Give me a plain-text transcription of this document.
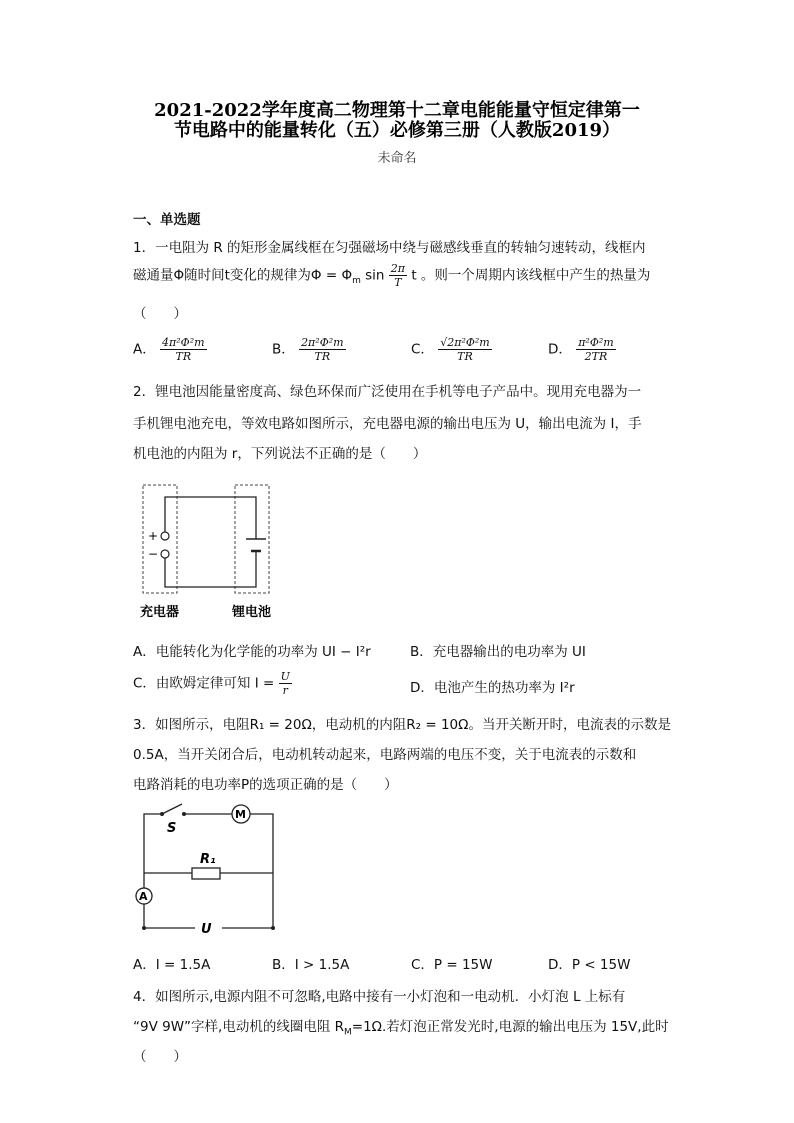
2021-2022学年度高二物理第十二章电能能量守恒定律第一
节电路中的能量转化（五）必修第三册（人教版2019）
未命名
一、单选题
1．一电阻为 R 的矩形金属线框在匀强磁场中绕与磁感线垂直的转轴匀速转动，线框内
磁通量Φ随时间t变化的规律为$\Phi = \Phi_m$ $\sin \frac{2\pi}{T}$ t 。则一个周期内该线框中产生的热量为
（　　）
A． $\frac{\text{4π²Φ²m}}{TR}$	B． $\frac{\text{2π²Φ²m}}{TR}$	C． $\frac{\text{√2π²Φ²m}}{TR}$	D． $\frac{\text{π²Φ²m}}{2TR}$
2．锂电池因能量密度高、绿色环保而广泛使用在手机等电子产品中。现用充电器为一
手机锂电池充电，等效电路如图所示，充电器电源的输出电压为 U，输出电流为 I，手
机电池的内阻为 r，下列说法不正确的是（　　）
+
−
充电器	锂电池
A．电能转化为化学能的功率为 UI − I²r	B．充电器输出的电功率为 UI
C．由欧姆定律可知 $I = \frac{U}{r}$	D．电池产生的热功率为 I²r
3．如图所示，电阻R₁ = 20Ω，电动机的内阻R₂ = 10Ω。当开关断开时，电流表的示数是
0.5A，当开关闭合后，电动机转动起来，电路两端的电压不变，关于电流表的示数和
电路消耗的电功率P的选项正确的是（　　）
M
S
R₁
A
U
A．I = 1.5A	B．I > 1.5A	C．P = 15W	D．P < 15W
4．如图所示,电源内阻不可忽略,电路中接有一小灯泡和一电动机．小灯泡 L 上标有
“9V 9W”字样,电动机的线圈电阻 $R_M=1\Omega$.若灯泡正常发光时,电源的输出电压为 15V,此时
（　　）
